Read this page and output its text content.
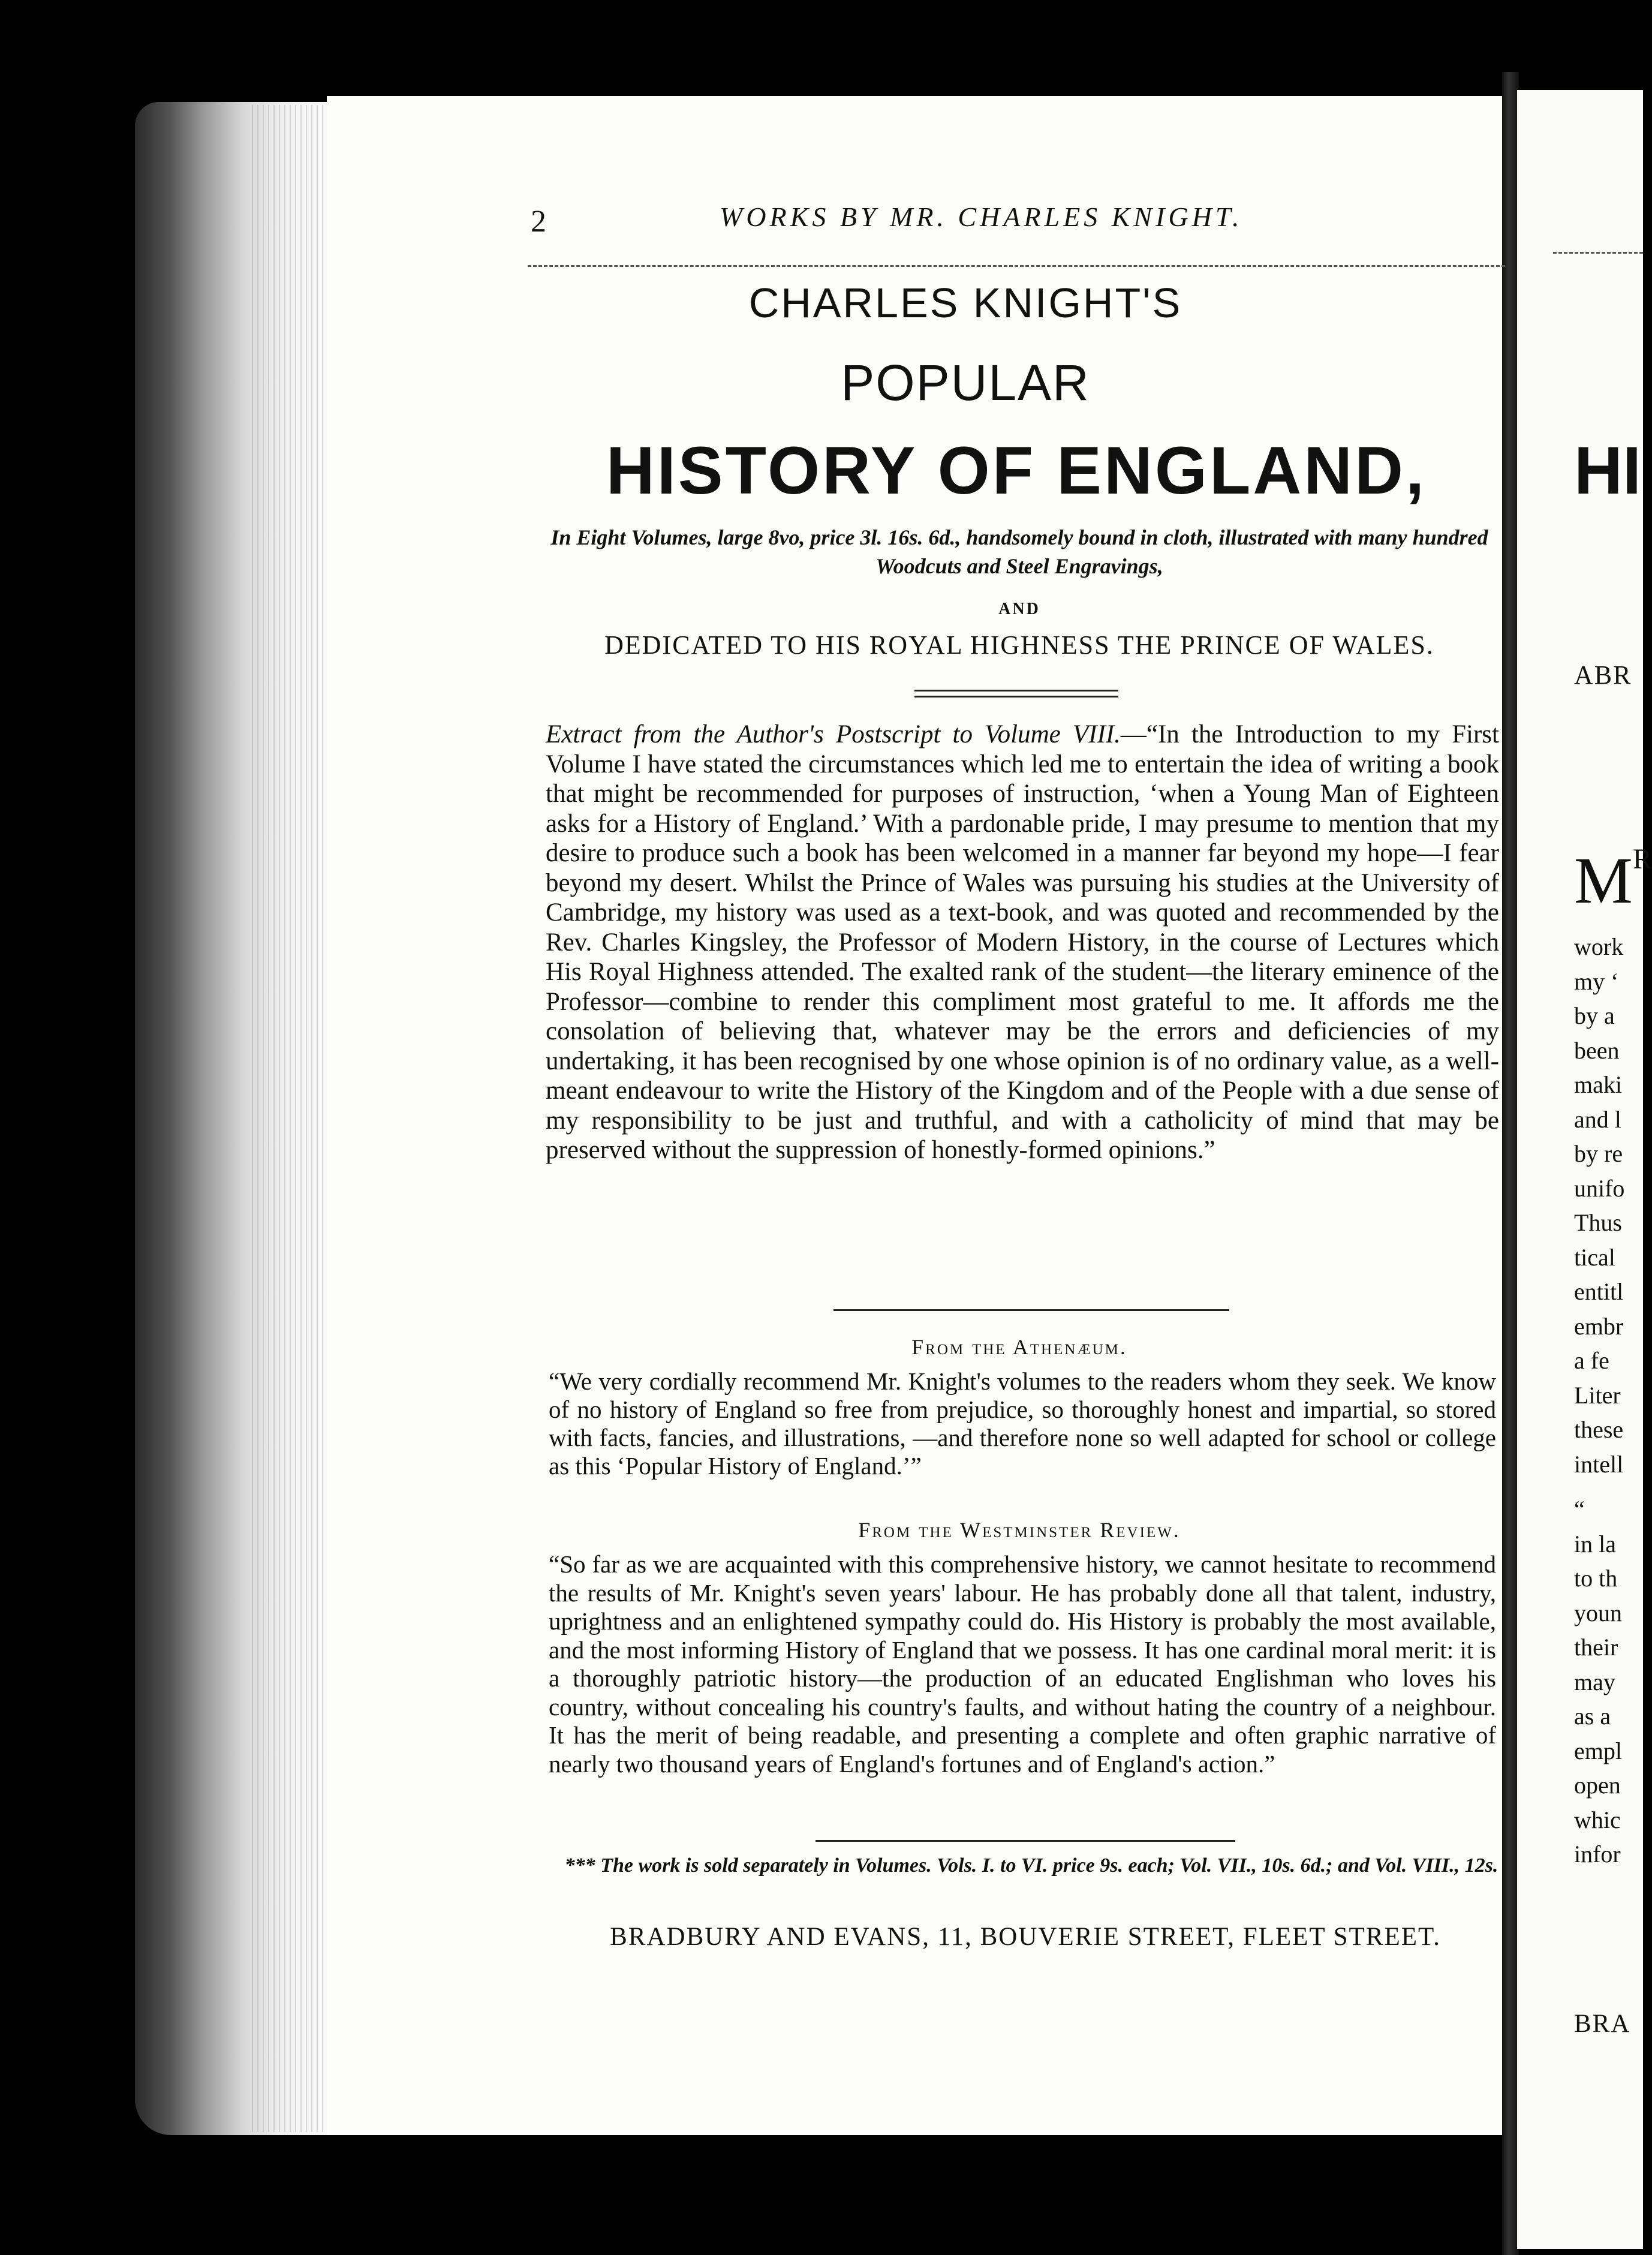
2	WORKS BY MR. CHARLES KNIGHT.
CHARLES KNIGHT'S
POPULAR
HISTORY OF ENGLAND,
In Eight Volumes, large 8vo, price 3l. 16s. 6d., handsomely bound in cloth, illustrated with many hundred Woodcuts and Steel Engravings,
AND
DEDICATED TO HIS ROYAL HIGHNESS THE PRINCE OF WALES.
Extract from the Author's Postscript to Volume VIII.—“In the Introduction to my First Volume I have stated the circumstances which led me to entertain the idea of writing a book that might be recommended for purposes of instruction, ‘when a Young Man of Eighteen asks for a History of England.’ With a pardonable pride, I may presume to mention that my desire to produce such a book has been welcomed in a manner far beyond my hope—I fear beyond my desert. Whilst the Prince of Wales was pursuing his studies at the University of Cambridge, my history was used as a text-book, and was quoted and recommended by the Rev. Charles Kingsley, the Professor of Modern History, in the course of Lectures which His Royal Highness attended. The exalted rank of the student—the literary eminence of the Professor—combine to render this compliment most grateful to me. It affords me the consolation of believing that, whatever may be the errors and deficiencies of my undertaking, it has been recognised by one whose opinion is of no ordinary value, as a well-meant endeavour to write the History of the Kingdom and of the People with a due sense of my responsibility to be just and truthful, and with a catholicity of mind that may be preserved without the suppression of honestly-formed opinions.”
From the Athenæum.
“We very cordially recommend Mr. Knight's volumes to the readers whom they seek. We know of no history of England so free from prejudice, so thoroughly honest and impartial, so stored with facts, fancies, and illustrations, —and therefore none so well adapted for school or college as this ‘Popular History of England.’”
From the Westminster Review.
“So far as we are acquainted with this comprehensive history, we cannot hesitate to recommend the results of Mr. Knight's seven years' labour. He has probably done all that talent, industry, uprightness and an enlightened sympathy could do. His History is probably the most available, and the most informing History of England that we possess. It has one cardinal moral merit: it is a thoroughly patriotic history—the production of an educated Englishman who loves his country, without concealing his country's faults, and without hating the country of a neighbour. It has the merit of being readable, and presenting a complete and often graphic narrative of nearly two thousand years of England's fortunes and of England's action.”
*** The work is sold separately in Volumes. Vols. I. to VI. price 9s. each; Vol. VII., 10s. 6d.; and Vol. VIII., 12s.
BRADBURY AND EVANS, 11, BOUVERIE STREET, FLEET STREET.
HI
ABR
$M^R$
work
my ‘
by a
been
maki
and l
by re
unifo
Thus
tical
entitl
embr
a fe
Liter
these
intell
“
in la
to th
youn
their
may
as a
empl
open
whic
infor
BRA
